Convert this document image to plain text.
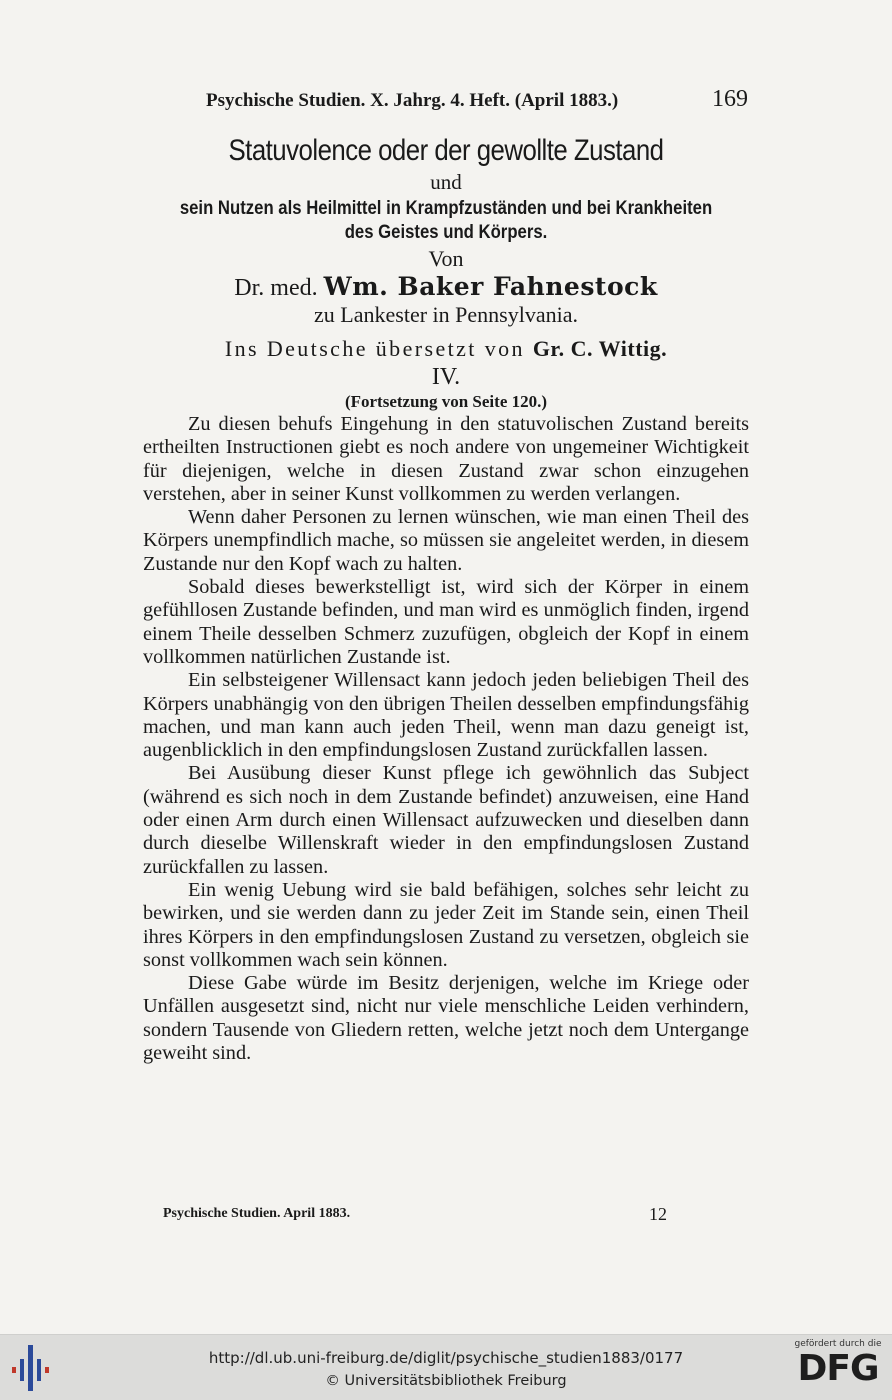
Psychische Studien. X. Jahrg. 4. Heft. (April 1883.)	169
Statuvolence oder der gewollte Zustand
und
sein Nutzen als Heilmittel in Krampfzuständen und bei Krankheiten
des Geistes und Körpers.
Von
Dr. med. Wm. Baker Fahnestock
zu Lankester in Pennsylvania.
Ins Deutsche übersetzt von Gr. C. Wittig.
IV.
(Fortsetzung von Seite 120.)

Zu diesen behufs Eingehung in den statuvolischen Zustand bereits ertheilten Instructionen giebt es noch andere von ungemeiner Wichtigkeit für diejenigen, welche in diesen Zustand zwar schon einzugehen verstehen, aber in seiner Kunst vollkommen zu werden verlangen.

Wenn daher Personen zu lernen wünschen, wie man einen Theil des Körpers unempfindlich mache, so müssen sie angeleitet werden, in diesem Zustande nur den Kopf wach zu halten.

Sobald dieses bewerkstelligt ist, wird sich der Körper in einem gefühllosen Zustande befinden, und man wird es unmöglich finden, irgend einem Theile desselben Schmerz zuzufügen, obgleich der Kopf in einem vollkommen natürlichen Zustande ist.

Ein selbsteigener Willensact kann jedoch jeden beliebigen Theil des Körpers unabhängig von den übrigen Theilen desselben empfindungsfähig machen, und man kann auch jeden Theil, wenn man dazu geneigt ist, augenblicklich in den empfindungslosen Zustand zurückfallen lassen.

Bei Ausübung dieser Kunst pflege ich gewöhnlich das Subject (während es sich noch in dem Zustande befindet) anzuweisen, eine Hand oder einen Arm durch einen Willensact aufzuwecken und dieselben dann durch dieselbe Willenskraft wieder in den empfindungslosen Zustand zurückfallen zu lassen.

Ein wenig Uebung wird sie bald befähigen, solches sehr leicht zu bewirken, und sie werden dann zu jeder Zeit im Stande sein, einen Theil ihres Körpers in den empfindungslosen Zustand zu versetzen, obgleich sie sonst vollkommen wach sein können.

Diese Gabe würde im Besitz derjenigen, welche im Kriege oder Unfällen ausgesetzt sind, nicht nur viele menschliche Leiden verhindern, sondern Tausende von Gliedern retten, welche jetzt noch dem Untergange geweiht sind.

Psychische Studien. April 1883.	12
http://dl.ub.uni-freiburg.de/diglit/psychische_studien1883/0177
© Universitätsbibliothek Freiburg
gefördert durch die
DFG
